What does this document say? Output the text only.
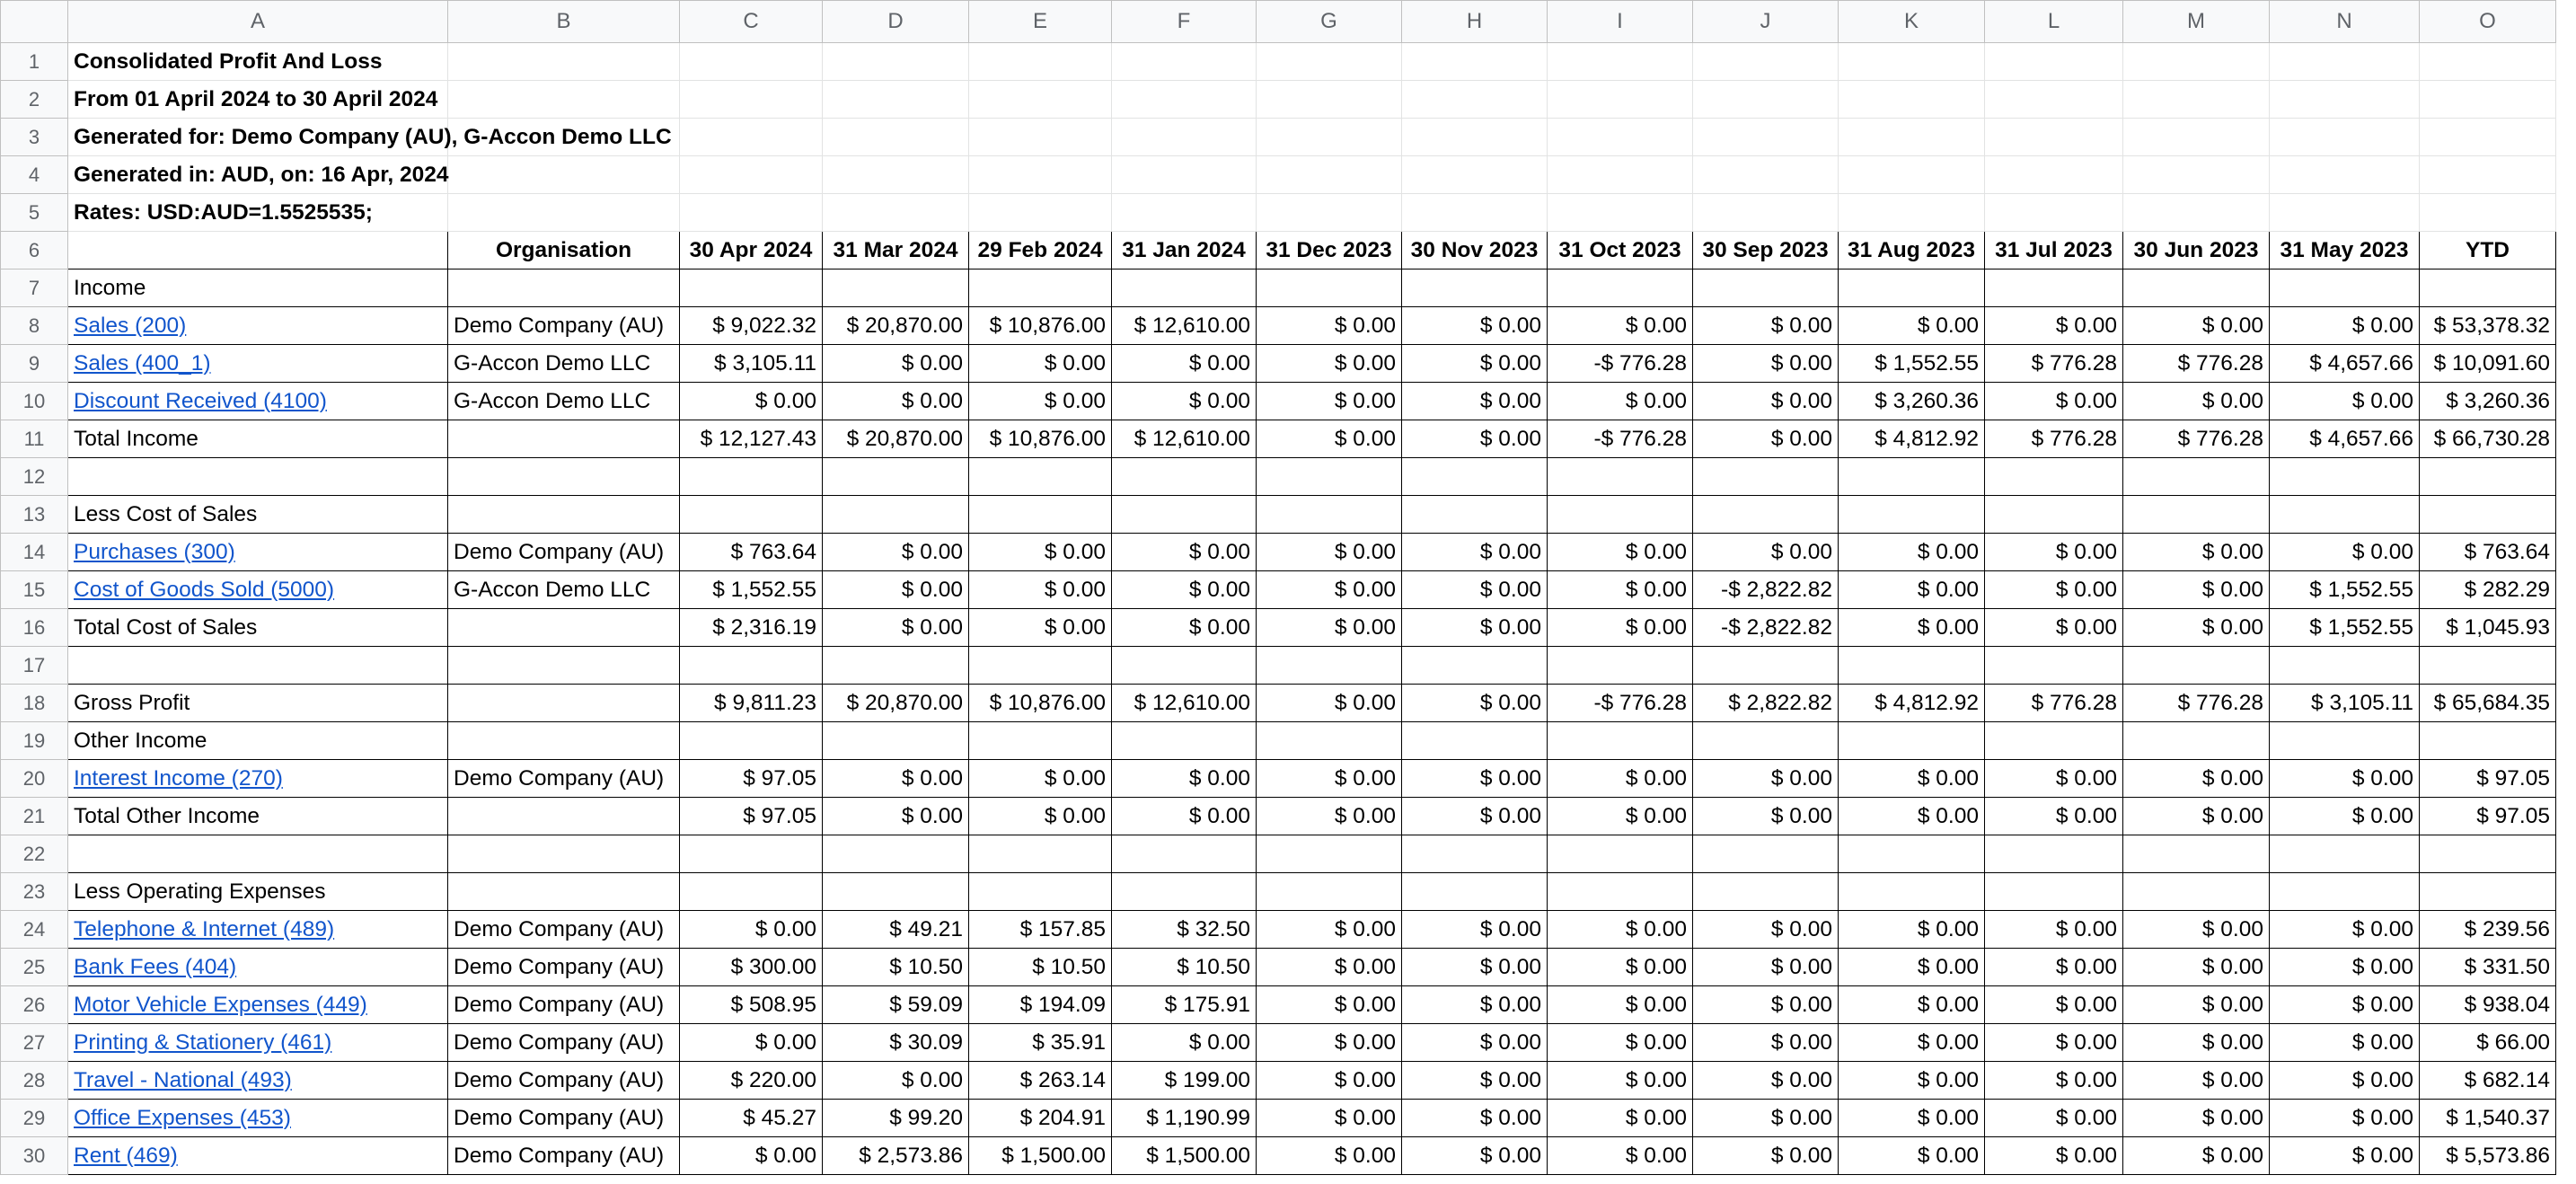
	A	B	C	D	E	F	G	H	I	J	K	L	M	N	O
1	Consolidated Profit And Loss														
2	From 01 April 2024 to 30 April 2024														
3	Generated for: Demo Company (AU), G-Accon Demo LLC														
4	Generated in: AUD, on: 16 Apr, 2024														
5	Rates: USD:AUD=1.5525535;														
6		Organisation	30 Apr 2024	31 Mar 2024	29 Feb 2024	31 Jan 2024	31 Dec 2023	30 Nov 2023	31 Oct 2023	30 Sep 2023	31 Aug 2023	31 Jul 2023	30 Jun 2023	31 May 2023	YTD
7	Income														
8	Sales (200)	Demo Company (AU)	$ 9,022.32	$ 20,870.00	$ 10,876.00	$ 12,610.00	$ 0.00	$ 0.00	$ 0.00	$ 0.00	$ 0.00	$ 0.00	$ 0.00	$ 0.00	$ 53,378.32
9	Sales (400_1)	G-Accon Demo LLC	$ 3,105.11	$ 0.00	$ 0.00	$ 0.00	$ 0.00	$ 0.00	-$ 776.28	$ 0.00	$ 1,552.55	$ 776.28	$ 776.28	$ 4,657.66	$ 10,091.60
10	Discount Received (4100)	G-Accon Demo LLC	$ 0.00	$ 0.00	$ 0.00	$ 0.00	$ 0.00	$ 0.00	$ 0.00	$ 0.00	$ 3,260.36	$ 0.00	$ 0.00	$ 0.00	$ 3,260.36
11	Total Income		$ 12,127.43	$ 20,870.00	$ 10,876.00	$ 12,610.00	$ 0.00	$ 0.00	-$ 776.28	$ 0.00	$ 4,812.92	$ 776.28	$ 776.28	$ 4,657.66	$ 66,730.28
12															
13	Less Cost of Sales														
14	Purchases (300)	Demo Company (AU)	$ 763.64	$ 0.00	$ 0.00	$ 0.00	$ 0.00	$ 0.00	$ 0.00	$ 0.00	$ 0.00	$ 0.00	$ 0.00	$ 0.00	$ 763.64
15	Cost of Goods Sold (5000)	G-Accon Demo LLC	$ 1,552.55	$ 0.00	$ 0.00	$ 0.00	$ 0.00	$ 0.00	$ 0.00	-$ 2,822.82	$ 0.00	$ 0.00	$ 0.00	$ 1,552.55	$ 282.29
16	Total Cost of Sales		$ 2,316.19	$ 0.00	$ 0.00	$ 0.00	$ 0.00	$ 0.00	$ 0.00	-$ 2,822.82	$ 0.00	$ 0.00	$ 0.00	$ 1,552.55	$ 1,045.93
17															
18	Gross Profit		$ 9,811.23	$ 20,870.00	$ 10,876.00	$ 12,610.00	$ 0.00	$ 0.00	-$ 776.28	$ 2,822.82	$ 4,812.92	$ 776.28	$ 776.28	$ 3,105.11	$ 65,684.35
19	Other Income														
20	Interest Income (270)	Demo Company (AU)	$ 97.05	$ 0.00	$ 0.00	$ 0.00	$ 0.00	$ 0.00	$ 0.00	$ 0.00	$ 0.00	$ 0.00	$ 0.00	$ 0.00	$ 97.05
21	Total Other Income		$ 97.05	$ 0.00	$ 0.00	$ 0.00	$ 0.00	$ 0.00	$ 0.00	$ 0.00	$ 0.00	$ 0.00	$ 0.00	$ 0.00	$ 97.05
22															
23	Less Operating Expenses														
24	Telephone & Internet (489)	Demo Company (AU)	$ 0.00	$ 49.21	$ 157.85	$ 32.50	$ 0.00	$ 0.00	$ 0.00	$ 0.00	$ 0.00	$ 0.00	$ 0.00	$ 0.00	$ 239.56
25	Bank Fees (404)	Demo Company (AU)	$ 300.00	$ 10.50	$ 10.50	$ 10.50	$ 0.00	$ 0.00	$ 0.00	$ 0.00	$ 0.00	$ 0.00	$ 0.00	$ 0.00	$ 331.50
26	Motor Vehicle Expenses (449)	Demo Company (AU)	$ 508.95	$ 59.09	$ 194.09	$ 175.91	$ 0.00	$ 0.00	$ 0.00	$ 0.00	$ 0.00	$ 0.00	$ 0.00	$ 0.00	$ 938.04
27	Printing & Stationery (461)	Demo Company (AU)	$ 0.00	$ 30.09	$ 35.91	$ 0.00	$ 0.00	$ 0.00	$ 0.00	$ 0.00	$ 0.00	$ 0.00	$ 0.00	$ 0.00	$ 66.00
28	Travel - National (493)	Demo Company (AU)	$ 220.00	$ 0.00	$ 263.14	$ 199.00	$ 0.00	$ 0.00	$ 0.00	$ 0.00	$ 0.00	$ 0.00	$ 0.00	$ 0.00	$ 682.14
29	Office Expenses (453)	Demo Company (AU)	$ 45.27	$ 99.20	$ 204.91	$ 1,190.99	$ 0.00	$ 0.00	$ 0.00	$ 0.00	$ 0.00	$ 0.00	$ 0.00	$ 0.00	$ 1,540.37
30	Rent (469)	Demo Company (AU)	$ 0.00	$ 2,573.86	$ 1,500.00	$ 1,500.00	$ 0.00	$ 0.00	$ 0.00	$ 0.00	$ 0.00	$ 0.00	$ 0.00	$ 0.00	$ 5,573.86
